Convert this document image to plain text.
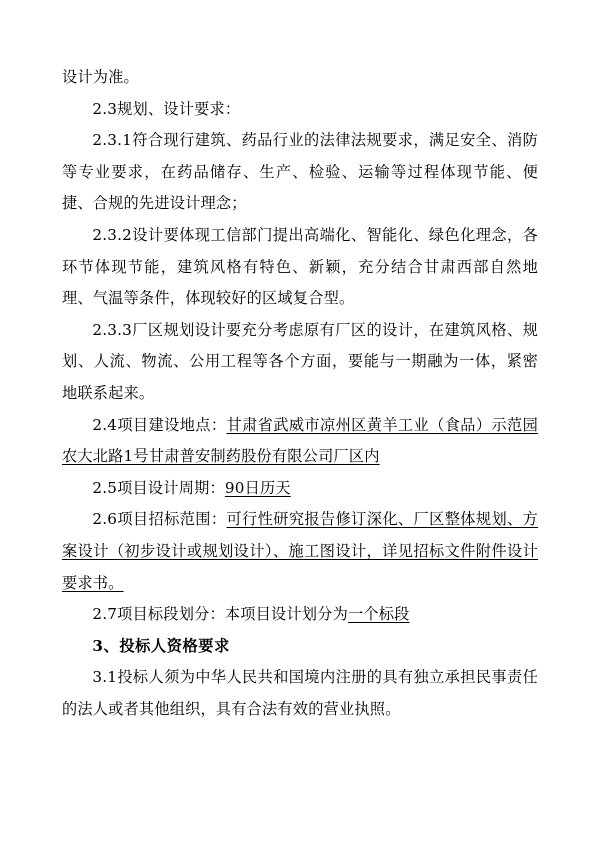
设计为准。

2.3规划、设计要求：

2.3.1符合现行建筑、药品行业的法律法规要求，满足安全、消防等专业要求，在药品储存、生产、检验、运输等过程体现节能、便捷、合规的先进设计理念；

2.3.2设计要体现工信部门提出高端化、智能化、绿色化理念，各环节体现节能，建筑风格有特色、新颖，充分结合甘肃西部自然地理、气温等条件，体现较好的区域复合型。

2.3.3厂区规划设计要充分考虑原有厂区的设计，在建筑风格、规划、人流、物流、公用工程等各个方面，要能与一期融为一体，紧密地联系起来。

2.4项目建设地点：甘肃省武威市凉州区黄羊工业（食品）示范园农大北路1号甘肃普安制药股份有限公司厂区内

2.5项目设计周期：90日历天

2.6项目招标范围：可行性研究报告修订深化、厂区整体规划、方案设计（初步设计或规划设计）、施工图设计，详见招标文件附件设计要求书。

2.7项目标段划分：本项目设计划分为一个标段

3、投标人资格要求

3.1投标人须为中华人民共和国境内注册的具有独立承担民事责任的法人或者其他组织，具有合法有效的营业执照。
